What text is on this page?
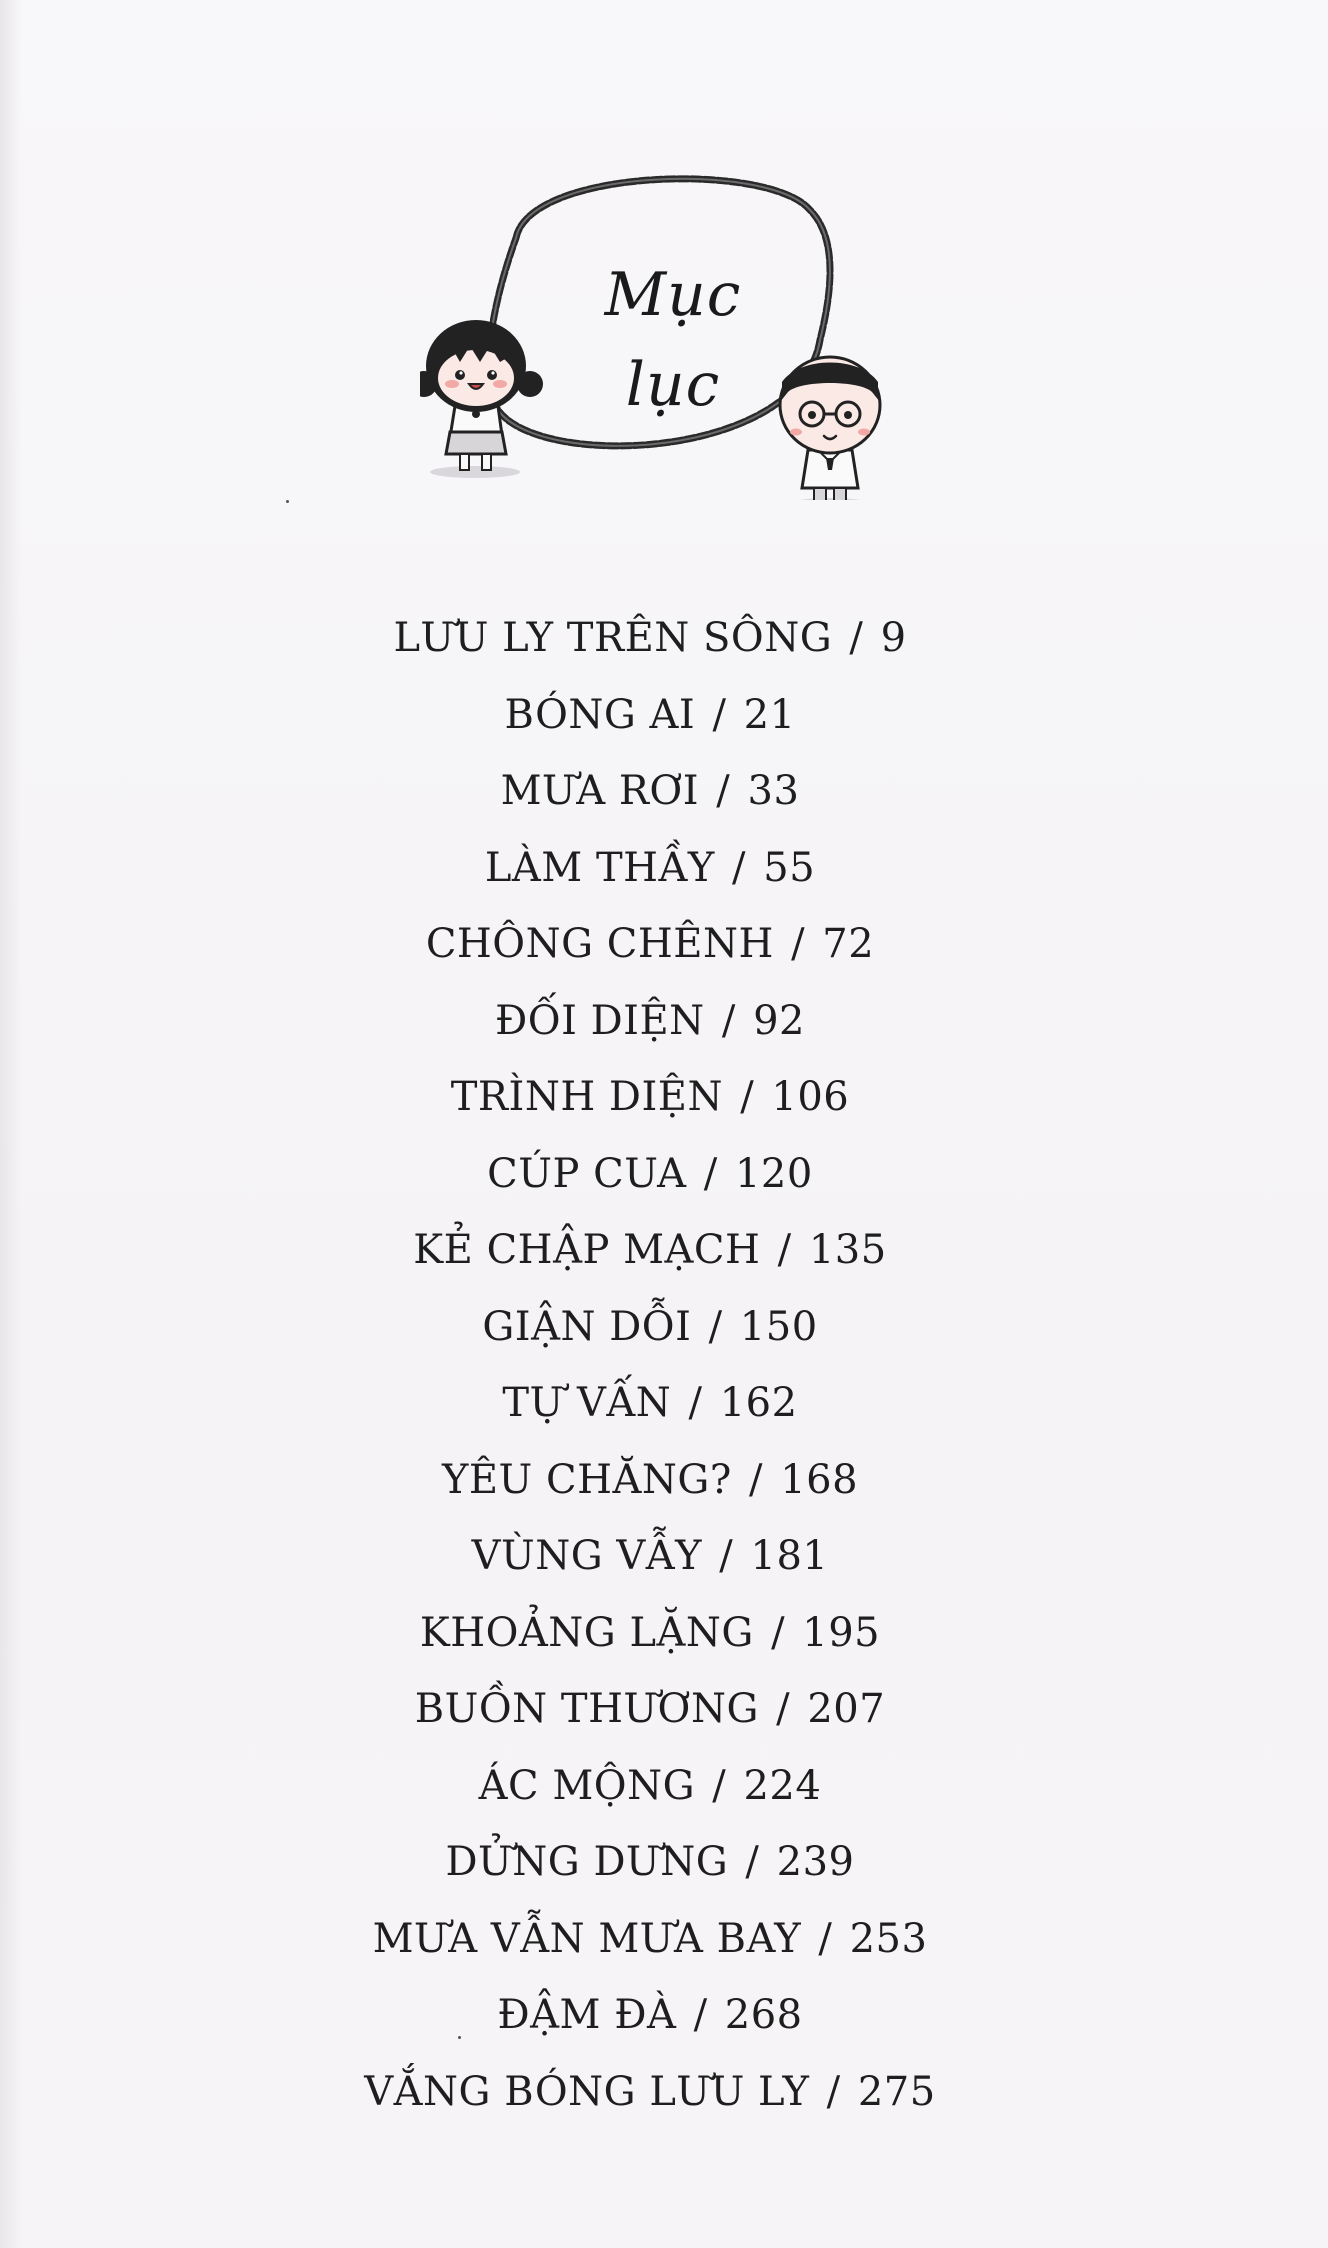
Mục lục
LƯU LY TRÊN SÔNG / 9
BÓNG AI / 21
MƯA RƠI / 33
LÀM THẦY / 55
CHÔNG CHÊNH / 72
ĐỐI DIỆN / 92
TRÌNH DIỆN / 106
CÚP CUA / 120
KẺ CHẬP MẠCH / 135
GIẬN DỖI / 150
TỰ VẤN / 162
YÊU CHĂNG? / 168
VÙNG VẪY / 181
KHOẢNG LẶNG / 195
BUỒN THƯƠNG / 207
ÁC MỘNG / 224
DỬNG DƯNG / 239
MƯA VẪN MƯA BAY / 253
ĐẬM ĐÀ / 268
VẮNG BÓNG LƯU LY / 275
